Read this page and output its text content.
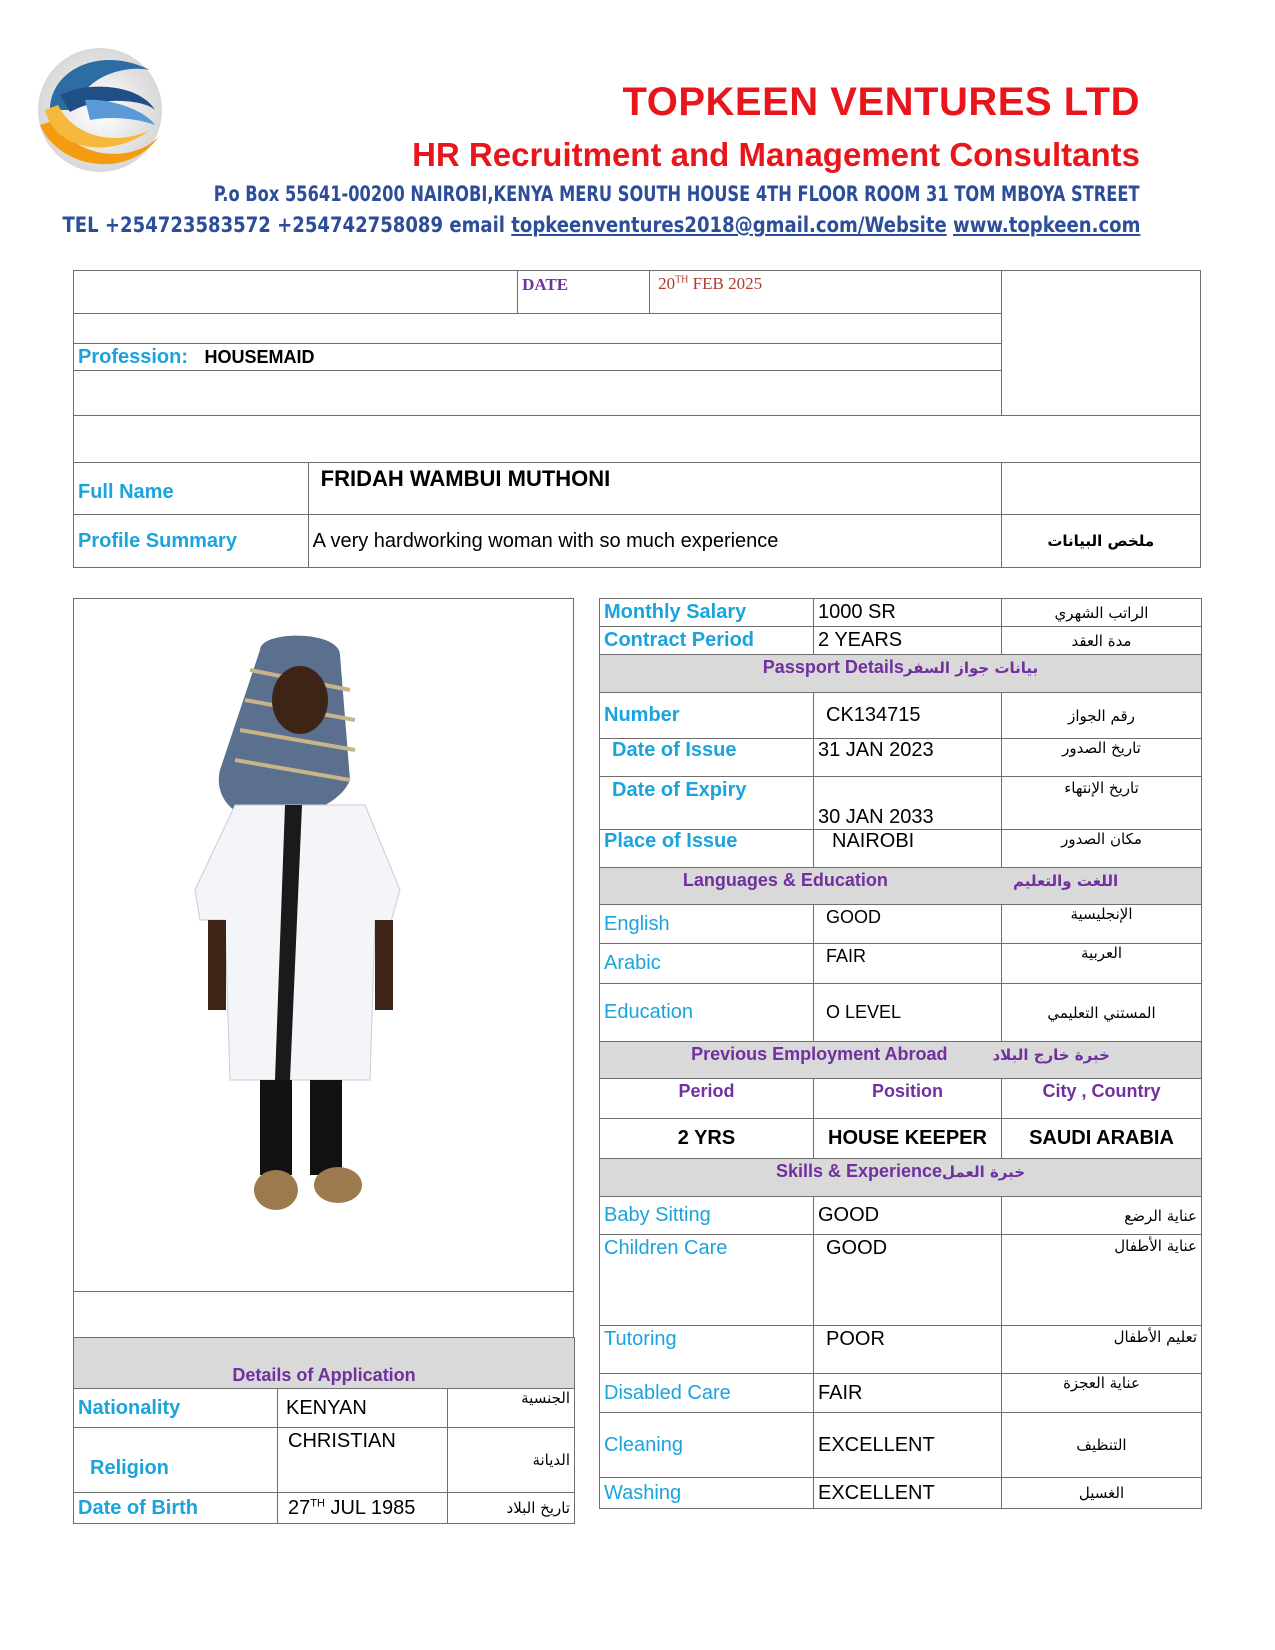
TOPKEEN VENTURES LTD
HR Recruitment and Management Consultants
P.o Box 55641-00200 NAIROBI,KENYA MERU SOUTH HOUSE 4TH FLOOR ROOM 31 TOM MBOYA STREET
TEL +254723583572 +254742758089 email topkeenventures2018@gmail.com/Website www.topkeen.com
		DATE	20TH FEB 2025	

Profession: HOUSEMAID				

Full Name	FRIDAH WAMBUI MUTHONI			
Profile Summary	A very hardworking woman with so much experience			ملخص البيانات
Details of Application		
Nationality	KENYAN	الجنسية
Religion	CHRISTIAN	الديانة
Date of Birth	27TH JUL 1985	تاريخ البلاد
Monthly Salary	1000 SR	الراتب الشهري
Contract Period	2 YEARS	مدة العقد
Passport Detailsبيانات جواز السفر		
Number	CK134715	رقم الجواز
Date of Issue	31 JAN 2023	تاريخ الصدور
Date of Expiry	30 JAN 2033	تاريخ الإنتهاء
Place of Issue	NAIROBI	مكان الصدور
Languages & Education اللغت والتعليم		
English	GOOD	الإنجليسية
Arabic	FAIR	العربية
Education	O LEVEL	المستني التعليمي
Previous Employment Abroad خبرة خارج البلاد		
Period	Position	City , Country
2 YRS	HOUSE KEEPER	SAUDI ARABIA
Skills & Experienceخبرة العمل		
Baby Sitting	GOOD	عناية الرضع
Children Care	GOOD	عناية الأطفال
Tutoring	POOR	تعليم الأطفال
Disabled Care	FAIR	عناية العجزة
Cleaning	EXCELLENT	التنظيف
Washing	EXCELLENT	الغسيل
